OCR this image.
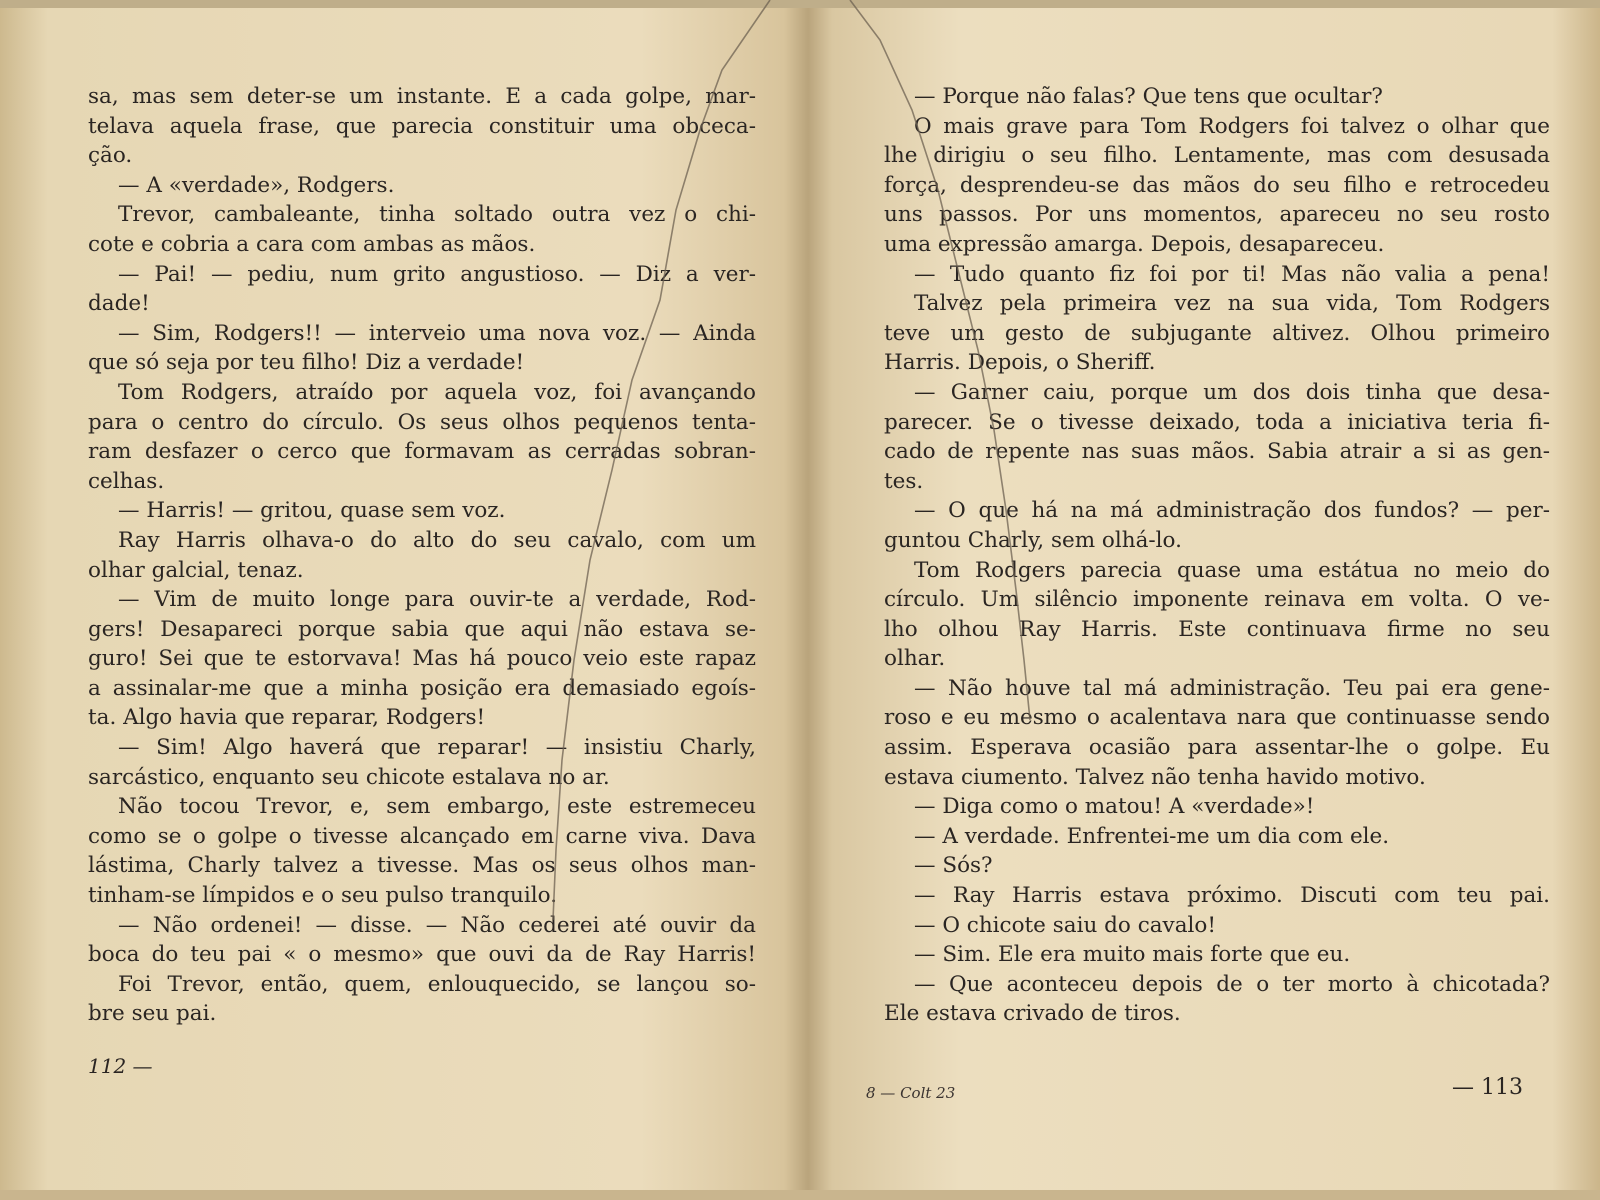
sa, mas sem deter-se um instante. E a cada golpe, mar-
telava aquela frase, que parecia constituir uma obceca-
ção.
— A «verdade», Rodgers.
Trevor, cambaleante, tinha soltado outra vez o chi-
cote e cobria a cara com ambas as mãos.
— Pai! — pediu, num grito angustioso. — Diz a ver-
dade!
— Sim, Rodgers!! — interveio uma nova voz. — Ainda
que só seja por teu filho! Diz a verdade!
Tom Rodgers, atraído por aquela voz, foi avançando
para o centro do círculo. Os seus olhos pequenos tenta-
ram desfazer o cerco que formavam as cerradas sobran-
celhas.
— Harris! — gritou, quase sem voz.
Ray Harris olhava-o do alto do seu cavalo, com um
olhar galcial, tenaz.
— Vim de muito longe para ouvir-te a verdade, Rod-
gers! Desapareci porque sabia que aqui não estava se-
guro! Sei que te estorvava! Mas há pouco veio este rapaz
a assinalar-me que a minha posição era demasiado egoís-
ta. Algo havia que reparar, Rodgers!
— Sim! Algo haverá que reparar! — insistiu Charly,
sarcástico, enquanto seu chicote estalava no ar.
Não tocou Trevor, e, sem embargo, este estremeceu
como se o golpe o tivesse alcançado em carne viva. Dava
lástima, Charly talvez a tivesse. Mas os seus olhos man-
tinham-se límpidos e o seu pulso tranquilo.
— Não ordenei! — disse. — Não cederei até ouvir da
boca do teu pai « o mesmo» que ouvi da de Ray Harris!
Foi Trevor, então, quem, enlouquecido, se lançou so-
bre seu pai.
— Porque não falas? Que tens que ocultar?
O mais grave para Tom Rodgers foi talvez o olhar que
lhe dirigiu o seu filho. Lentamente, mas com desusada
força, desprendeu-se das mãos do seu filho e retrocedeu
uns passos. Por uns momentos, apareceu no seu rosto
uma expressão amarga. Depois, desapareceu.
— Tudo quanto fiz foi por ti! Mas não valia a pena!
Talvez pela primeira vez na sua vida, Tom Rodgers
teve um gesto de subjugante altivez. Olhou primeiro
Harris. Depois, o Sheriff.
— Garner caiu, porque um dos dois tinha que desa-
parecer. Se o tivesse deixado, toda a iniciativa teria fi-
cado de repente nas suas mãos. Sabia atrair a si as gen-
tes.
— O que há na má administração dos fundos? — per-
guntou Charly, sem olhá-lo.
Tom Rodgers parecia quase uma estátua no meio do
círculo. Um silêncio imponente reinava em volta. O ve-
lho olhou Ray Harris. Este continuava firme no seu
olhar.
— Não houve tal má administração. Teu pai era gene-
roso e eu mesmo o acalentava nara que continuasse sendo
assim. Esperava ocasião para assentar-lhe o golpe. Eu
estava ciumento. Talvez não tenha havido motivo.
— Diga como o matou! A «verdade»!
— A verdade. Enfrentei-me um dia com ele.
— Sós?
— Ray Harris estava próximo. Discuti com teu pai.
— O chicote saiu do cavalo!
— Sim. Ele era muito mais forte que eu.
— Que aconteceu depois de o ter morto à chicotada?
Ele estava crivado de tiros.
112 —
8 — Colt 23	— 113
